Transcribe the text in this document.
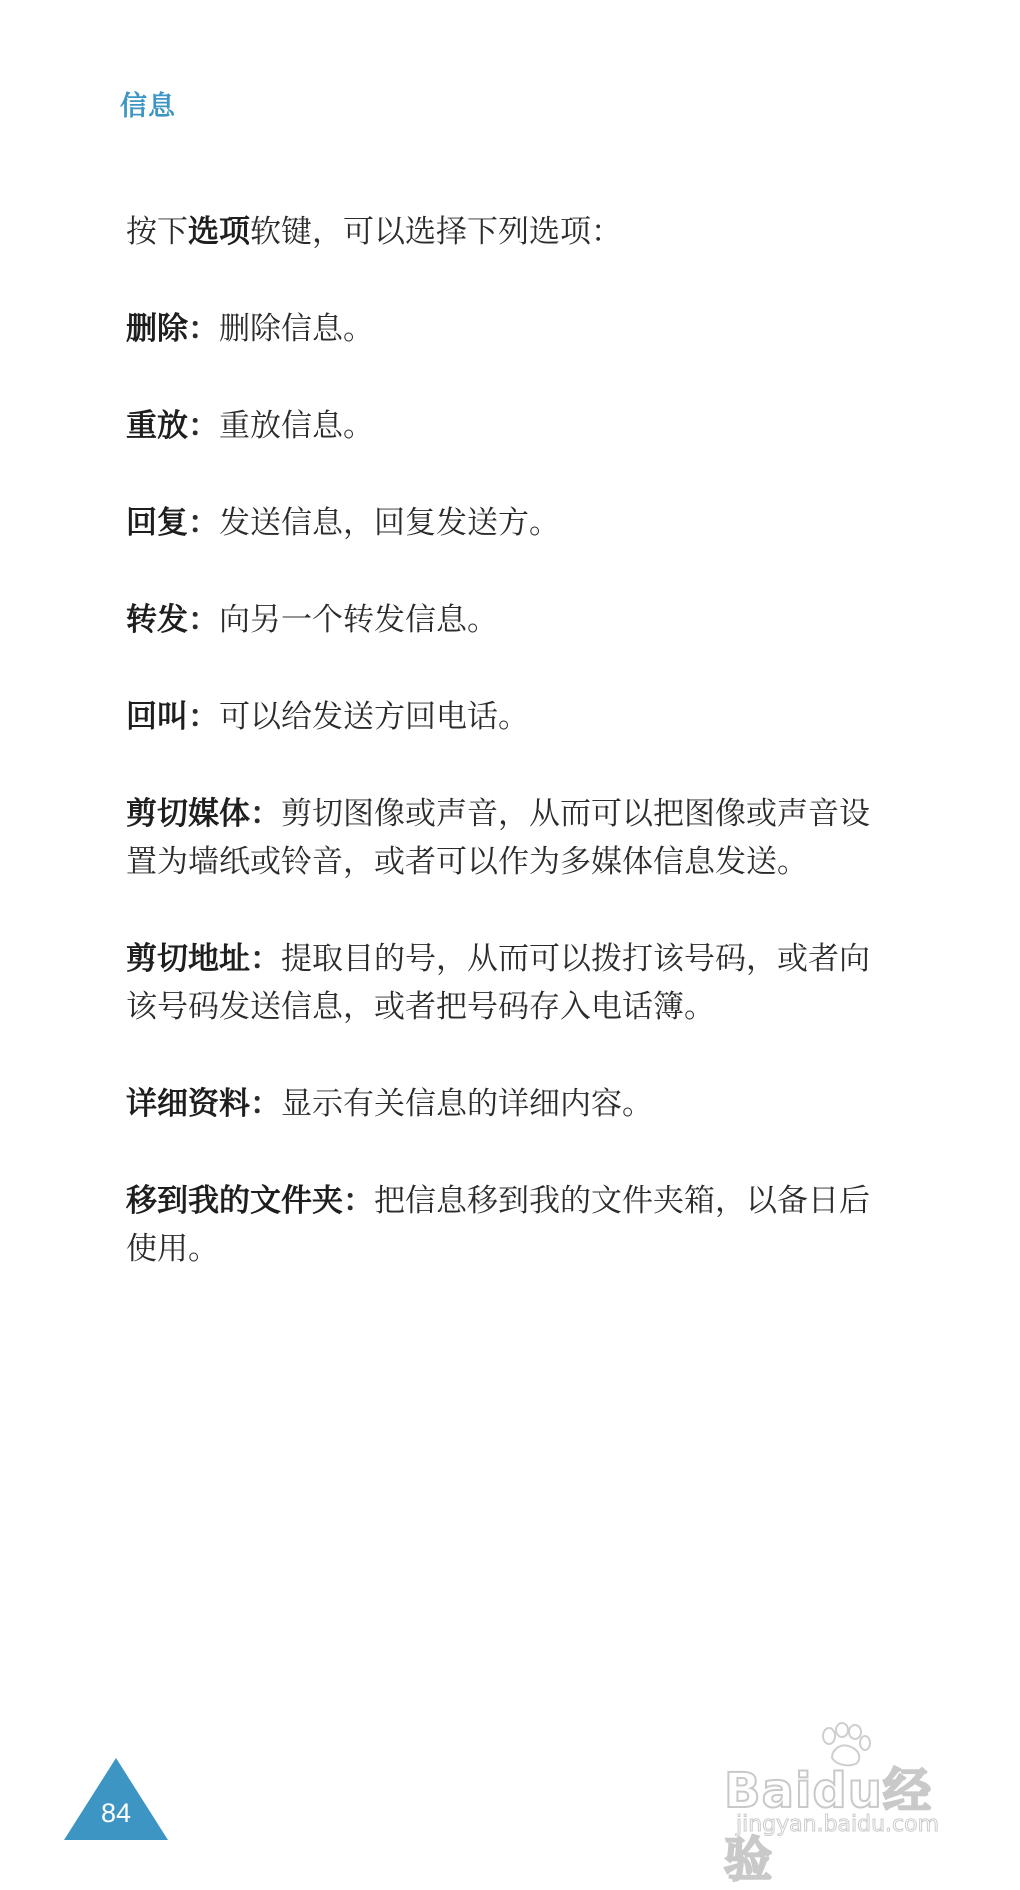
信息

按下选项软键，可以选择下列选项：

删除：删除信息。

重放：重放信息。

回复：发送信息，回复发送方。

转发：向另一个转发信息。

回叫：可以给发送方回电话。

剪切媒体：剪切图像或声音，从而可以把图像或声音设置为墙纸或铃音，或者可以作为多媒体信息发送。

剪切地址：提取目的号，从而可以拨打该号码，或者向该号码发送信息，或者把号码存入电话簿。

详细资料：显示有关信息的详细内容。

移到我的文件夹：把信息移到我的文件夹箱，以备日后使用。

84	Baidu经验
jingyan.baidu.com
